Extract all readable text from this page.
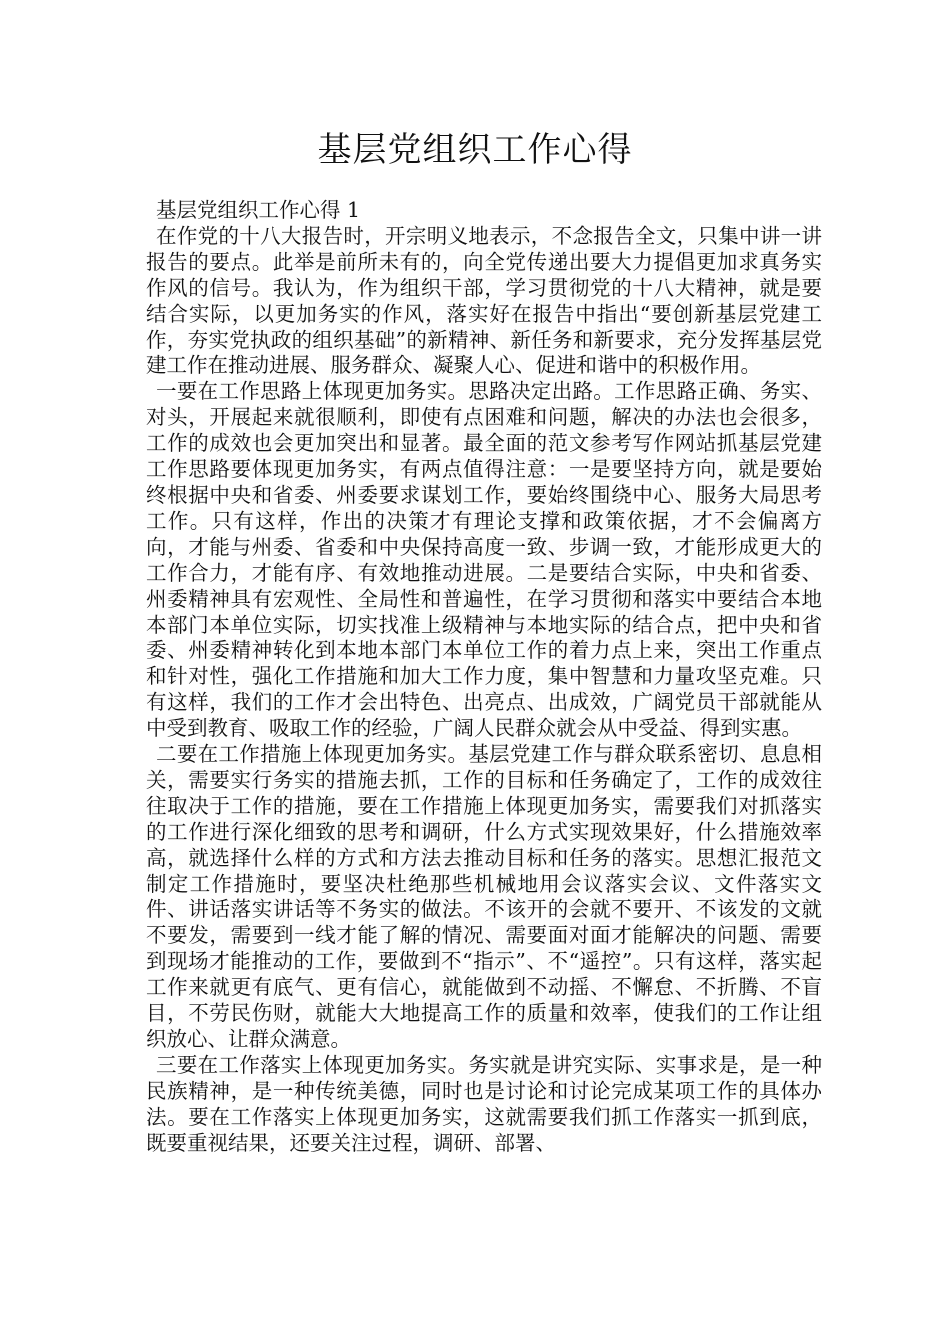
基层党组织工作心得

基层党组织工作心得 1

在作党的十八大报告时，开宗明义地表示，不念报告全文，只集中讲一讲报告的要点。此举是前所未有的，向全党传递出要大力提倡更加求真务实作风的信号。我认为，作为组织干部，学习贯彻党的十八大精神，就是要结合实际，以更加务实的作风，落实好在报告中指出“要创新基层党建工作，夯实党执政的组织基础”的新精神、新任务和新要求，充分发挥基层党建工作在推动进展、服务群众、凝聚人心、促进和谐中的积极作用。

一要在工作思路上体现更加务实。思路决定出路。工作思路正确、务实、对头，开展起来就很顺利，即使有点困难和问题，解决的办法也会很多，工作的成效也会更加突出和显著。最全面的范文参考写作网站抓基层党建工作思路要体现更加务实，有两点值得注意：一是要坚持方向，就是要始终根据中央和省委、州委要求谋划工作，要始终围绕中心、服务大局思考工作。只有这样，作出的决策才有理论支撑和政策依据，才不会偏离方向，才能与州委、省委和中央保持高度一致、步调一致，才能形成更大的工作合力，才能有序、有效地推动进展。二是要结合实际，中央和省委、州委精神具有宏观性、全局性和普遍性，在学习贯彻和落实中要结合本地本部门本单位实际，切实找准上级精神与本地实际的结合点，把中央和省委、州委精神转化到本地本部门本单位工作的着力点上来，突出工作重点和针对性，强化工作措施和加大工作力度，集中智慧和力量攻坚克难。只有这样，我们的工作才会出特色、出亮点、出成效，广阔党员干部就能从中受到教育、吸取工作的经验，广阔人民群众就会从中受益、得到实惠。

二要在工作措施上体现更加务实。基层党建工作与群众联系密切、息息相关，需要实行务实的措施去抓，工作的目标和任务确定了，工作的成效往往取决于工作的措施，要在工作措施上体现更加务实，需要我们对抓落实的工作进行深化细致的思考和调研，什么方式实现效果好，什么措施效率高，就选择什么样的方式和方法去推动目标和任务的落实。思想汇报范文制定工作措施时，要坚决杜绝那些机械地用会议落实会议、文件落实文件、讲话落实讲话等不务实的做法。不该开的会就不要开、不该发的文就不要发，需要到一线才能了解的情况、需要面对面才能解决的问题、需要到现场才能推动的工作，要做到不“指示”、不“遥控”。只有这样，落实起工作来就更有底气、更有信心，就能做到不动摇、不懈怠、不折腾、不盲目，不劳民伤财，就能大大地提高工作的质量和效率，使我们的工作让组织放心、让群众满意。

三要在工作落实上体现更加务实。务实就是讲究实际、实事求是，是一种民族精神，是一种传统美德，同时也是讨论和讨论完成某项工作的具体办法。要在工作落实上体现更加务实，这就需要我们抓工作落实一抓到底，既要重视结果，还要关注过程，调研、部署、
